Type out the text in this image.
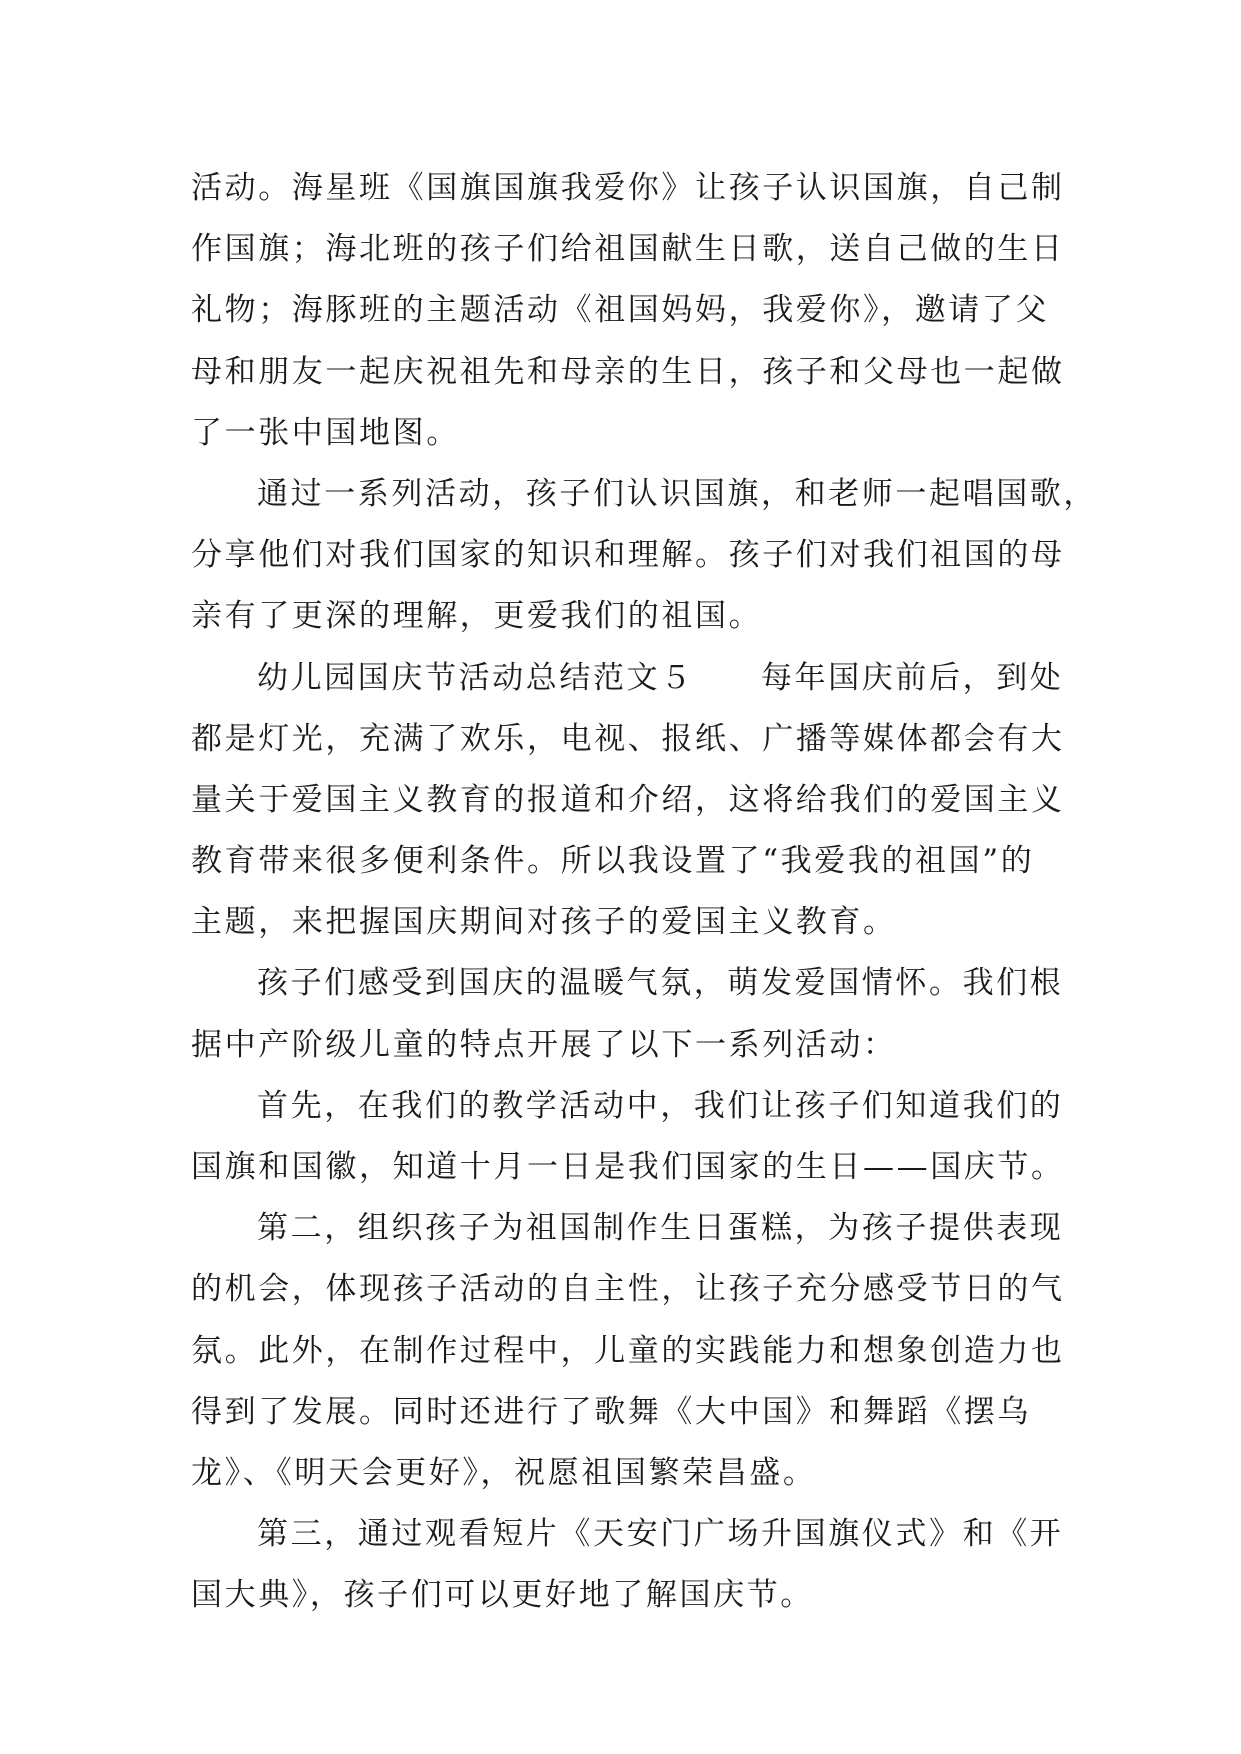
活动。海星班《国旗国旗我爱你》让孩子认识国旗，自己制
作国旗；海北班的孩子们给祖国献生日歌，送自己做的生日
礼物；海豚班的主题活动《祖国妈妈，我爱你》，邀请了父
母和朋友一起庆祝祖先和母亲的生日，孩子和父母也一起做
了一张中国地图。
通过一系列活动，孩子们认识国旗，和老师一起唱国歌，
分享他们对我们国家的知识和理解。孩子们对我们祖国的母
亲有了更深的理解，更爱我们的祖国。
幼儿园国庆节活动总结范文５　　每年国庆前后，到处
都是灯光，充满了欢乐，电视、报纸、广播等媒体都会有大
量关于爱国主义教育的报道和介绍，这将给我们的爱国主义
教育带来很多便利条件。所以我设置了“我爱我的祖国”的
主题，来把握国庆期间对孩子的爱国主义教育。
孩子们感受到国庆的温暖气氛，萌发爱国情怀。我们根
据中产阶级儿童的特点开展了以下一系列活动：
首先，在我们的教学活动中，我们让孩子们知道我们的
国旗和国徽，知道十月一日是我们国家的生日——国庆节。
第二，组织孩子为祖国制作生日蛋糕，为孩子提供表现
的机会，体现孩子活动的自主性，让孩子充分感受节日的气
氛。此外，在制作过程中，儿童的实践能力和想象创造力也
得到了发展。同时还进行了歌舞《大中国》和舞蹈《摆乌
龙》、《明天会更好》，祝愿祖国繁荣昌盛。
第三，通过观看短片《天安门广场升国旗仪式》和《开
国大典》，孩子们可以更好地了解国庆节。
